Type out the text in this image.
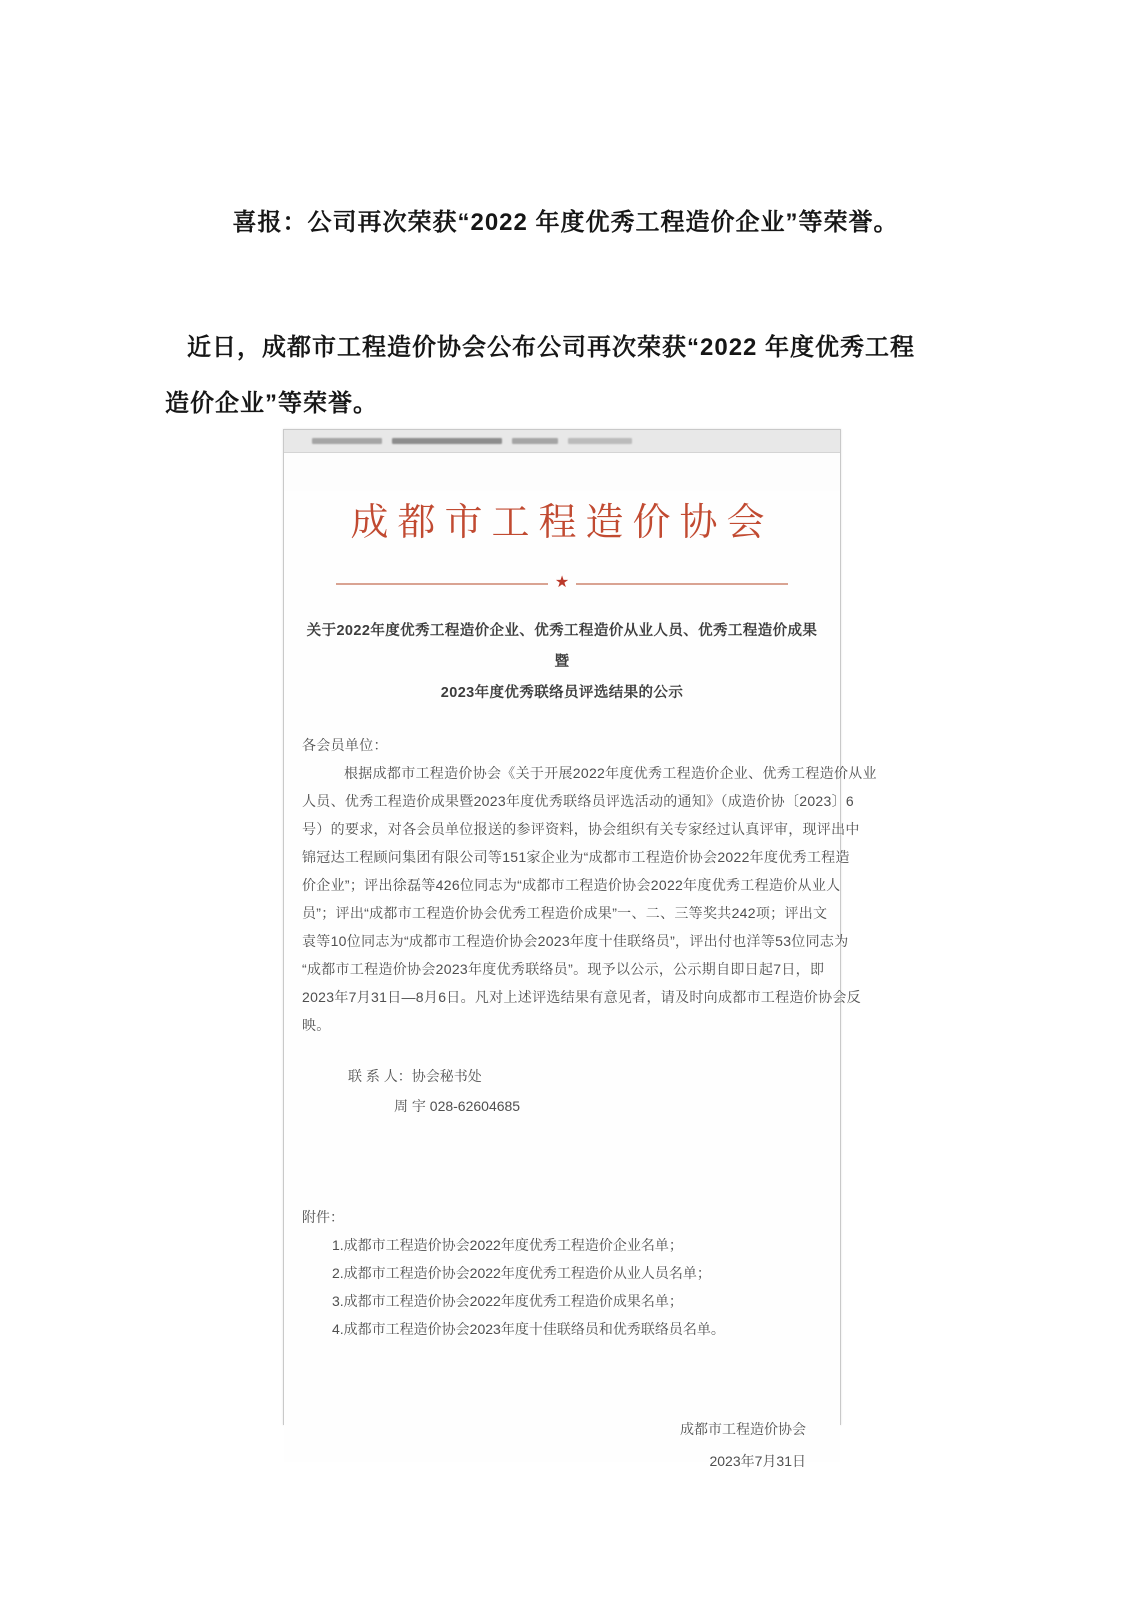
喜报：公司再次荣获“2022 年度优秀工程造价企业”等荣誉。
近日，成都市工程造价协会公布公司再次荣获“2022 年度优秀工程
造价企业”等荣誉。
成都市工程造价协会
★
关于2022年度优秀工程造价企业、优秀工程造价从业人员、优秀工程造价成果暨
2023年度优秀联络员评选结果的公示
各会员单位：
根据成都市工程造价协会《关于开展2022年度优秀工程造价企业、优秀工程造价从业
人员、优秀工程造价成果暨2023年度优秀联络员评选活动的通知》（成造价协〔2023〕6
号）的要求，对各会员单位报送的参评资料，协会组织有关专家经过认真评审，现评出中
锦冠达工程顾问集团有限公司等151家企业为“成都市工程造价协会2022年度优秀工程造
价企业”；评出徐磊等426位同志为“成都市工程造价协会2022年度优秀工程造价从业人
员”；评出“成都市工程造价协会优秀工程造价成果”一、二、三等奖共242项；评出文
袁等10位同志为“成都市工程造价协会2023年度十佳联络员”，评出付也洋等53位同志为
“成都市工程造价协会2023年度优秀联络员”。现予以公示，公示期自即日起7日，即
2023年7月31日—8月6日。凡对上述评选结果有意见者，请及时向成都市工程造价协会反
映。
联 系 人：协会秘书处
周 宇 028-62604685
附件：
1.成都市工程造价协会2022年度优秀工程造价企业名单；
2.成都市工程造价协会2022年度优秀工程造价从业人员名单；
3.成都市工程造价协会2022年度优秀工程造价成果名单；
4.成都市工程造价协会2023年度十佳联络员和优秀联络员名单。
成都市工程造价协会
2023年7月31日
